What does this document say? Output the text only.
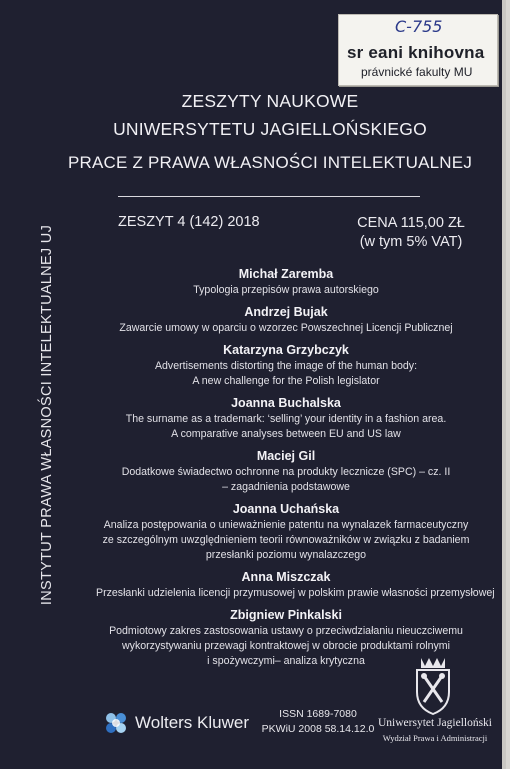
C-755
sr eani knihovna
právnické fakulty MU
INSTYTUT PRAWA WŁASNOŚCI INTELEKTUALNEJ UJ
ZESZYTY NAUKOWE
UNIWERSYTETU JAGIELLOŃSKIEGO
PRACE Z PRAWA WŁASNOŚCI INTELEKTUALNEJ
ZESZYT 4 (142) 2018	CENA 115,00 ZŁ
(w tym 5% VAT)
Michał Zaremba
Typologia przepisów prawa autorskiego
Andrzej Bujak
Zawarcie umowy w oparciu o wzorzec Powszechnej Licencji Publicznej
Katarzyna Grzybczyk
Advertisements distorting the image of the human body:
A new challenge for the Polish legislator
Joanna Buchalska
The surname as a trademark: ‘selling’ your identity in a fashion area.
A comparative analyses between EU and US law
Maciej Gil
Dodatkowe świadectwo ochronne na produkty lecznicze (SPC) – cz. II
– zagadnienia podstawowe
Joanna Uchańska
Analiza postępowania o unieważnienie patentu na wynalazek farmaceutyczny
ze szczególnym uwzględnieniem teorii równoważników w związku z badaniem
przesłanki poziomu wynalazczego
Anna Miszczak
Przesłanki udzielenia licencji przymusowej w polskim prawie własności przemysłowej
Zbigniew Pinkalski
Podmiotowy zakres zastosowania ustawy o przeciwdziałaniu nieuczciwemu
wykorzystywaniu przewagi kontraktowej w obrocie produktami rolnymi
i spożywczymi– analiza krytyczna
Wolters Kluwer	ISSN 1689-7080
PKWiU 2008 58.14.12.0 Uniwersytet Jagielloński
Wydział Prawa i Administracji
